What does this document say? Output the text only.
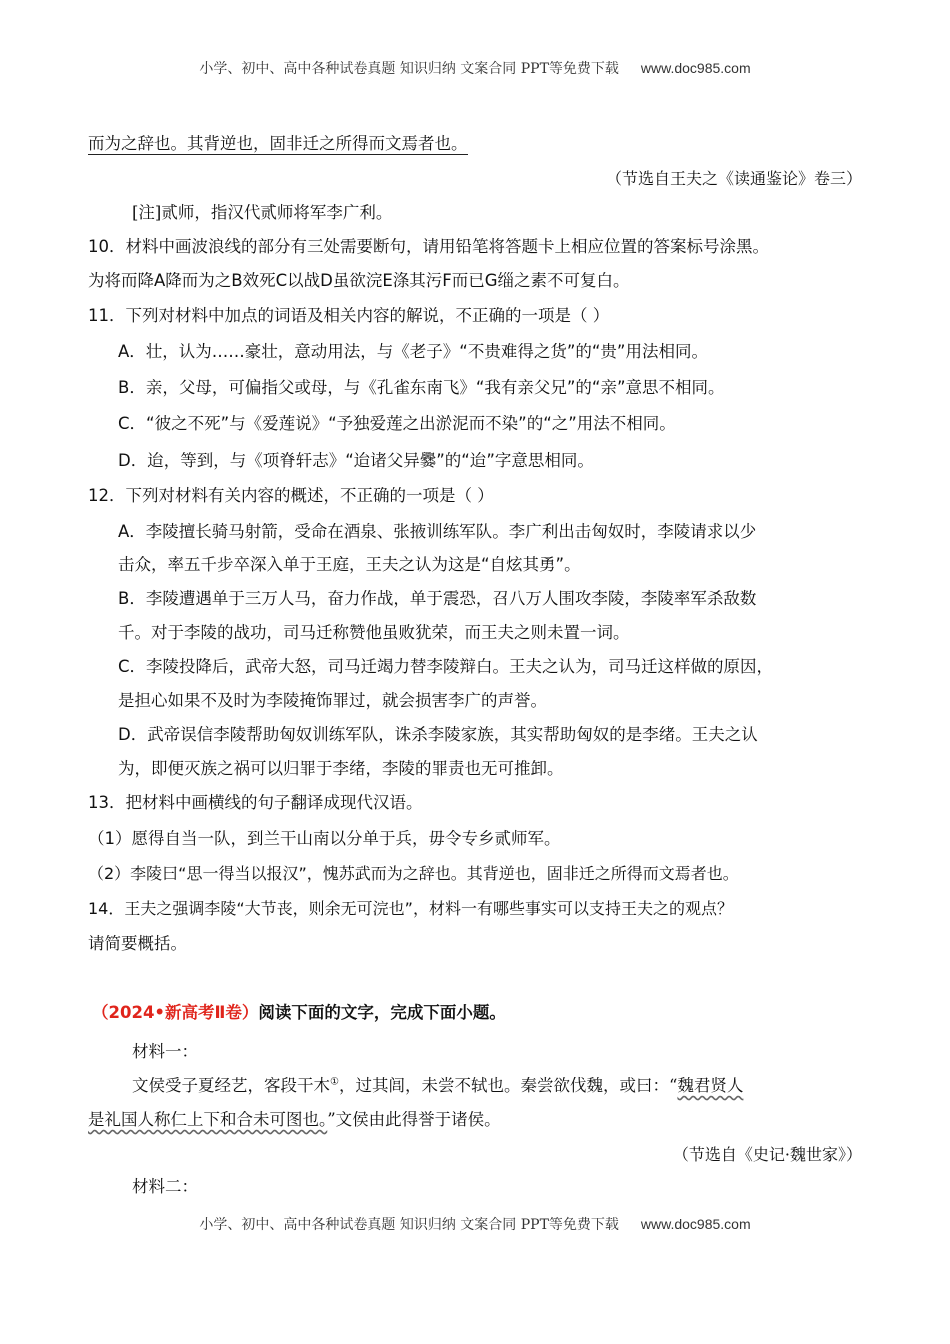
小学、初中、高中各种试卷真题 知识归纳 文案合同 PPT等免费下载 www.doc985.com
而为之辞也。其背逆也，固非迁之所得而文焉者也。
（节选自王夫之《读通鉴论》卷三）
[注]贰师，指汉代贰师将军李广利。
10．材料中画波浪线的部分有三处需要断句，请用铅笔将答题卡上相应位置的答案标号涂黑。
为将而降A降而为之B效死C以战D虽欲浣E涤其污F而已G缁之素不可复白。
11．下列对材料中加点的词语及相关内容的解说，不正确的一项是（ ）
A．壮，认为……豪壮，意动用法，与《老子》“不贵难得之货”的“贵”用法相同。
B．亲，父母，可偏指父或母，与《孔雀东南飞》“我有亲父兄”的“亲”意思不相同。
C．“彼之不死”与《爱莲说》“予独爱莲之出淤泥而不染”的“之”用法不相同。
D．迨，等到，与《项脊轩志》“迨诸父异爨”的“迨”字意思相同。
12．下列对材料有关内容的概述，不正确的一项是（ ）
A．李陵擅长骑马射箭，受命在酒泉、张掖训练军队。李广利出击匈奴时，李陵请求以少
击众，率五千步卒深入单于王庭，王夫之认为这是“自炫其勇”。
B．李陵遭遇单于三万人马，奋力作战，单于震恐，召八万人围攻李陵，李陵率军杀敌数
千。对于李陵的战功，司马迁称赞他虽败犹荣，而王夫之则未置一词。
C．李陵投降后，武帝大怒，司马迁竭力替李陵辩白。王夫之认为，司马迁这样做的原因，
是担心如果不及时为李陵掩饰罪过，就会损害李广的声誉。
D．武帝误信李陵帮助匈奴训练军队，诛杀李陵家族，其实帮助匈奴的是李绪。王夫之认
为，即便灭族之祸可以归罪于李绪，李陵的罪责也无可推卸。
13．把材料中画横线的句子翻译成现代汉语。
（1）愿得自当一队，到兰干山南以分单于兵，毋令专乡贰师军。
（2）李陵曰“思一得当以报汉”，愧苏武而为之辞也。其背逆也，固非迁之所得而文焉者也。
14．王夫之强调李陵“大节丧，则余无可浣也”，材料一有哪些事实可以支持王夫之的观点？
请简要概括。
（2024•新高考Ⅱ卷）阅读下面的文字，完成下面小题。
材料一：
文侯受子夏经艺，客段干木①，过其闾，未尝不轼也。秦尝欲伐魏，或曰：“魏君贤人
是礼国人称仁上下和合未可图也。”文侯由此得誉于诸侯。
（节选自《史记·魏世家》）
材料二：
小学、初中、高中各种试卷真题 知识归纳 文案合同 PPT等免费下载 www.doc985.com
